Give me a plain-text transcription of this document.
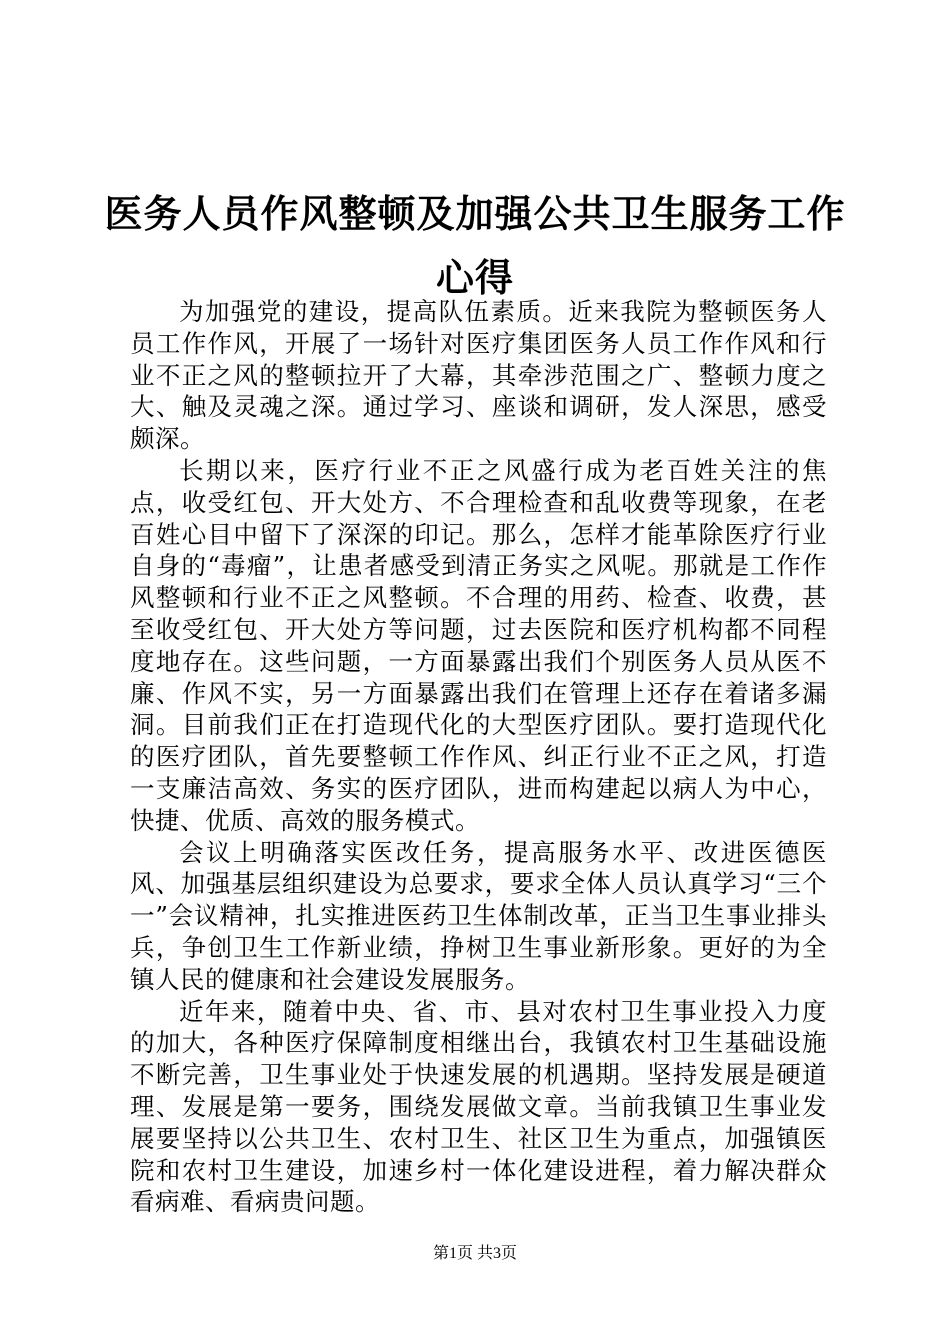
医务人员作风整顿及加强公共卫生服务工作心得

为加强党的建设，提高队伍素质。近来我院为整顿医务人员工作作风，开展了一场针对医疗集团医务人员工作作风和行业不正之风的整顿拉开了大幕，其牵涉范围之广、整顿力度之大、触及灵魂之深。通过学习、座谈和调研，发人深思，感受颇深。

长期以来，医疗行业不正之风盛行成为老百姓关注的焦点，收受红包、开大处方、不合理检查和乱收费等现象，在老百姓心目中留下了深深的印记。那么，怎样才能革除医疗行业自身的“毒瘤”，让患者感受到清正务实之风呢。那就是工作作风整顿和行业不正之风整顿。不合理的用药、检查、收费，甚至收受红包、开大处方等问题，过去医院和医疗机构都不同程度地存在。这些问题，一方面暴露出我们个别医务人员从医不廉、作风不实，另一方面暴露出我们在管理上还存在着诸多漏洞。目前我们正在打造现代化的大型医疗团队。要打造现代化的医疗团队，首先要整顿工作作风、纠正行业不正之风，打造一支廉洁高效、务实的医疗团队，进而构建起以病人为中心，快捷、优质、高效的服务模式。

会议上明确落实医改任务，提高服务水平、改进医德医风、加强基层组织建设为总要求，要求全体人员认真学习“三个一”会议精神，扎实推进医药卫生体制改革，正当卫生事业排头兵，争创卫生工作新业绩，挣树卫生事业新形象。更好的为全镇人民的健康和社会建设发展服务。

近年来，随着中央、省、市、县对农村卫生事业投入力度的加大，各种医疗保障制度相继出台，我镇农村卫生基础设施不断完善，卫生事业处于快速发展的机遇期。坚持发展是硬道理、发展是第一要务，围绕发展做文章。当前我镇卫生事业发展要坚持以公共卫生、农村卫生、社区卫生为重点，加强镇医院和农村卫生建设，加速乡村一体化建设进程，着力解决群众看病难、看病贵问题。

第1页 共3页
